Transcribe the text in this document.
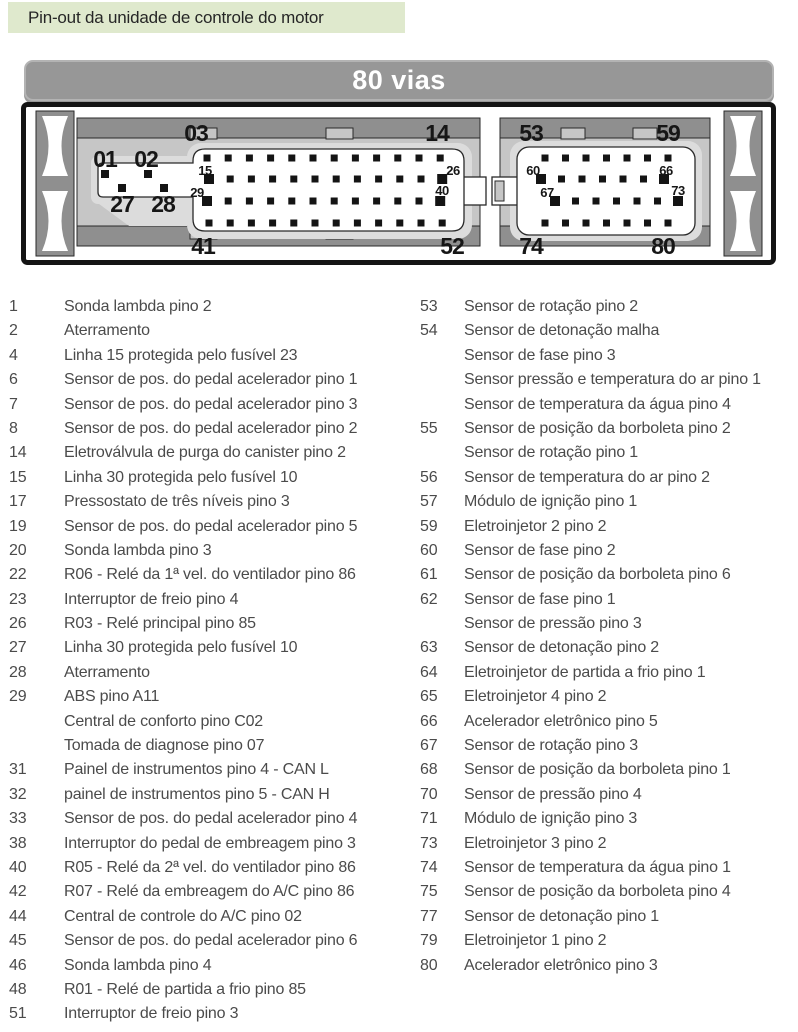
Pin-out da unidade de controle do motor
80 vias
01 02
27 28
03	14
41	52
15	26
29	40
53	59
74	80
60	66
67	73
1	Sonda lambda pino 2
2	Aterramento
4	Linha 15 protegida pelo fusível 23
6	Sensor de pos. do pedal acelerador pino 1
7	Sensor de pos. do pedal acelerador pino 3
8	Sensor de pos. do pedal acelerador pino 2
14	Eletroválvula de purga do canister pino 2
15	Linha 30 protegida pelo fusível 10
17	Pressostato de três níveis pino 3
19	Sensor de pos. do pedal acelerador pino 5
20	Sonda lambda pino 3
22	R06 - Relé da 1ª vel. do ventilador pino 86
23	Interruptor de freio pino 4
26	R03 - Relé principal pino 85
27	Linha 30 protegida pelo fusível 10
28	Aterramento
29	ABS pino A11
Central de conforto pino C02
Tomada de diagnose pino 07
31	Painel de instrumentos pino 4 - CAN L
32	painel de instrumentos pino 5 - CAN H
33	Sensor de pos. do pedal acelerador pino 4
38	Interruptor do pedal de embreagem pino 3
40	R05 - Relé da 2ª vel. do ventilador pino 86
42	R07 - Relé da embreagem do A/C pino 86
44	Central de controle do A/C pino 02
45	Sensor de pos. do pedal acelerador pino 6
46	Sonda lambda pino 4
48	R01 - Relé de partida a frio pino 85
51	Interruptor de freio pino 3
53	Sensor de rotação pino 2
54	Sensor de detonação malha
Sensor de fase pino 3
Sensor pressão e temperatura do ar pino 1
Sensor de temperatura da água pino 4
55	Sensor de posição da borboleta pino 2
Sensor de rotação pino 1
56	Sensor de temperatura do ar pino 2
57	Módulo de ignição pino 1
59	Eletroinjetor 2 pino 2
60	Sensor de fase pino 2
61	Sensor de posição da borboleta pino 6
62	Sensor de fase pino 1
Sensor de pressão pino 3
63	Sensor de detonação pino 2
64	Eletroinjetor de partida a frio pino 1
65	Eletroinjetor 4 pino 2
66	Acelerador eletrônico pino 5
67	Sensor de rotação pino 3
68	Sensor de posição da borboleta pino 1
70	Sensor de pressão pino 4
71	Módulo de ignição pino 3
73	Eletroinjetor 3 pino 2
74	Sensor de temperatura da água pino 1
75	Sensor de posição da borboleta pino 4
77	Sensor de detonação pino 1
79	Eletroinjetor 1 pino 2
80	Acelerador eletrônico pino 3
